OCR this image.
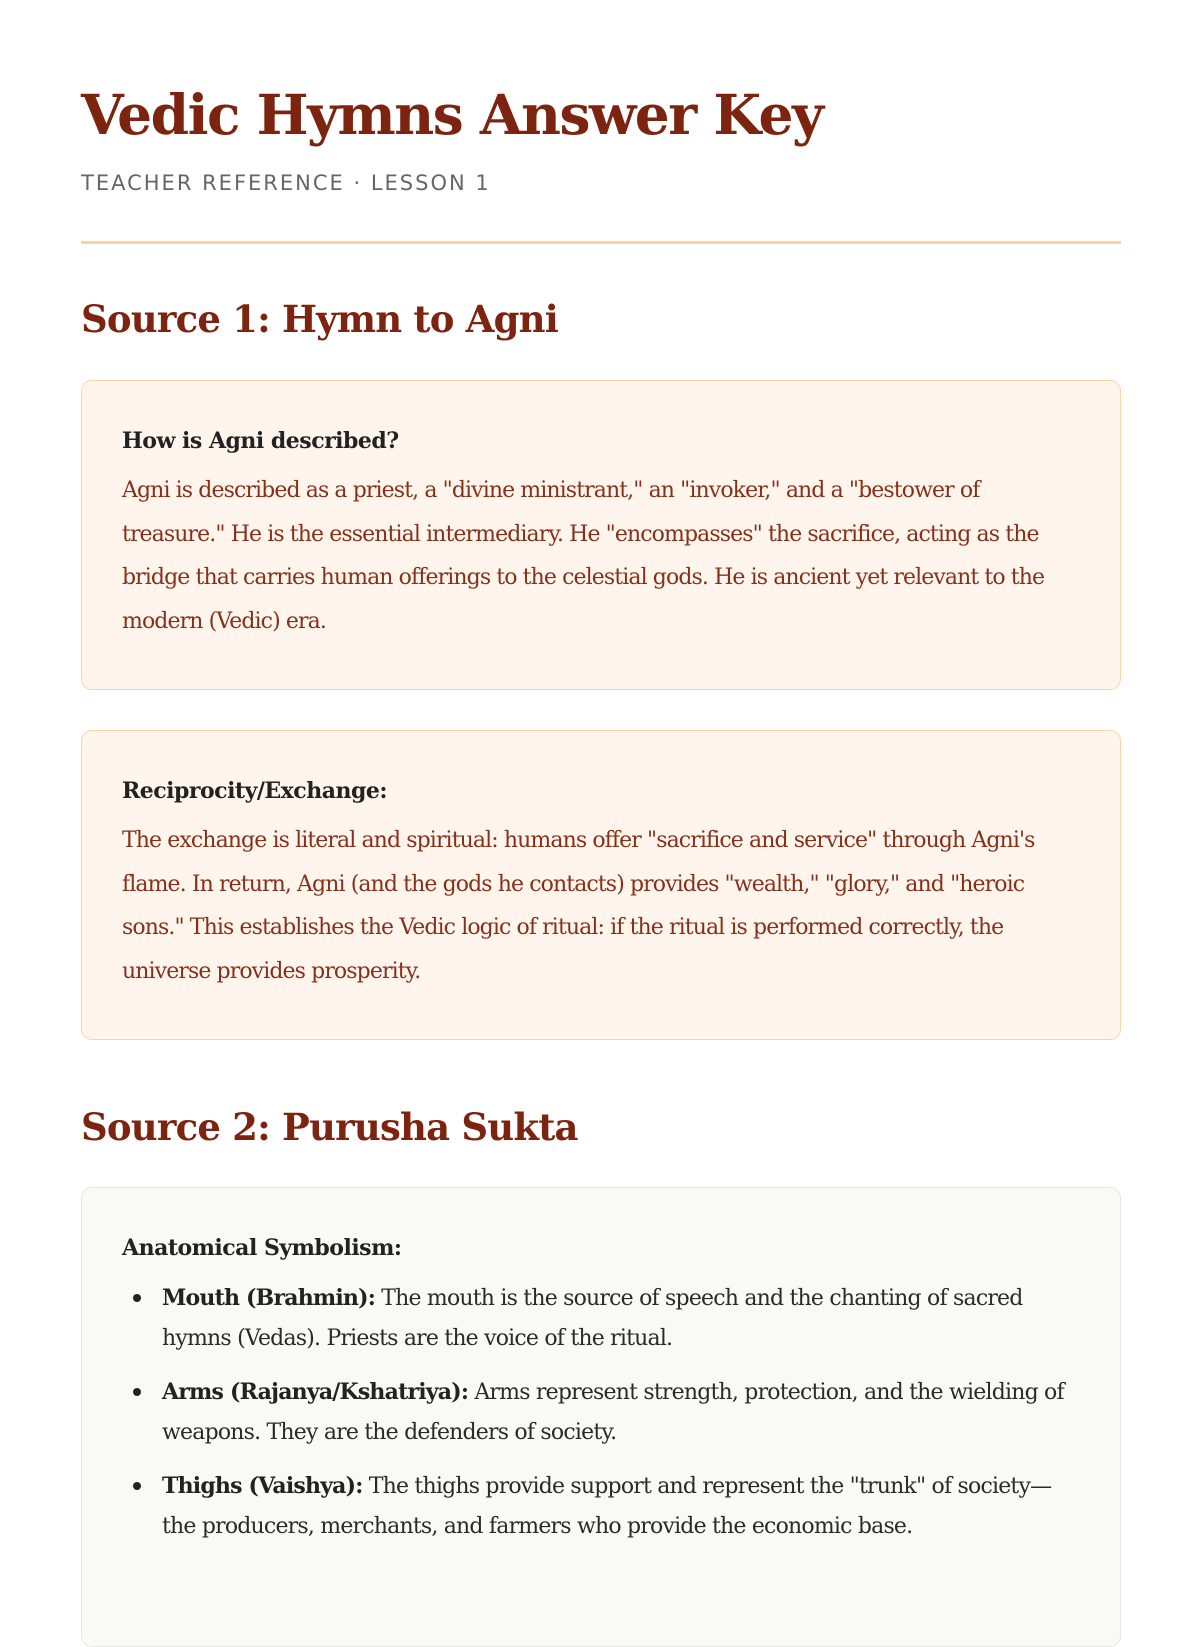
Vedic Hymns Answer Key
TEACHER REFERENCE · LESSON 1
Source 1: Hymn to Agni
How is Agni described?

Agni is described as a priest, a "divine ministrant," an "invoker," and a "bestower of treasure." He is the essential intermediary. He "encompasses" the sacrifice, acting as the bridge that carries human offerings to the celestial gods. He is ancient yet relevant to the modern (Vedic) era.

Reciprocity/Exchange:

The exchange is literal and spiritual: humans offer "sacrifice and service" through Agni's flame. In return, Agni (and the gods he contacts) provides "wealth," "glory," and "heroic sons." This establishes the Vedic logic of ritual: if the ritual is performed correctly, the universe provides prosperity.

Source 2: Purusha Sukta
Anatomical Symbolism:
Mouth (Brahmin): The mouth is the source of speech and the chanting of sacred hymns (Vedas). Priests are the voice of the ritual.
Arms (Rajanya/Kshatriya): Arms represent strength, protection, and the wielding of weapons. They are the defenders of society.
Thighs (Vaishya): The thighs provide support and represent the "trunk" of society—the producers, merchants, and farmers who provide the economic base.
